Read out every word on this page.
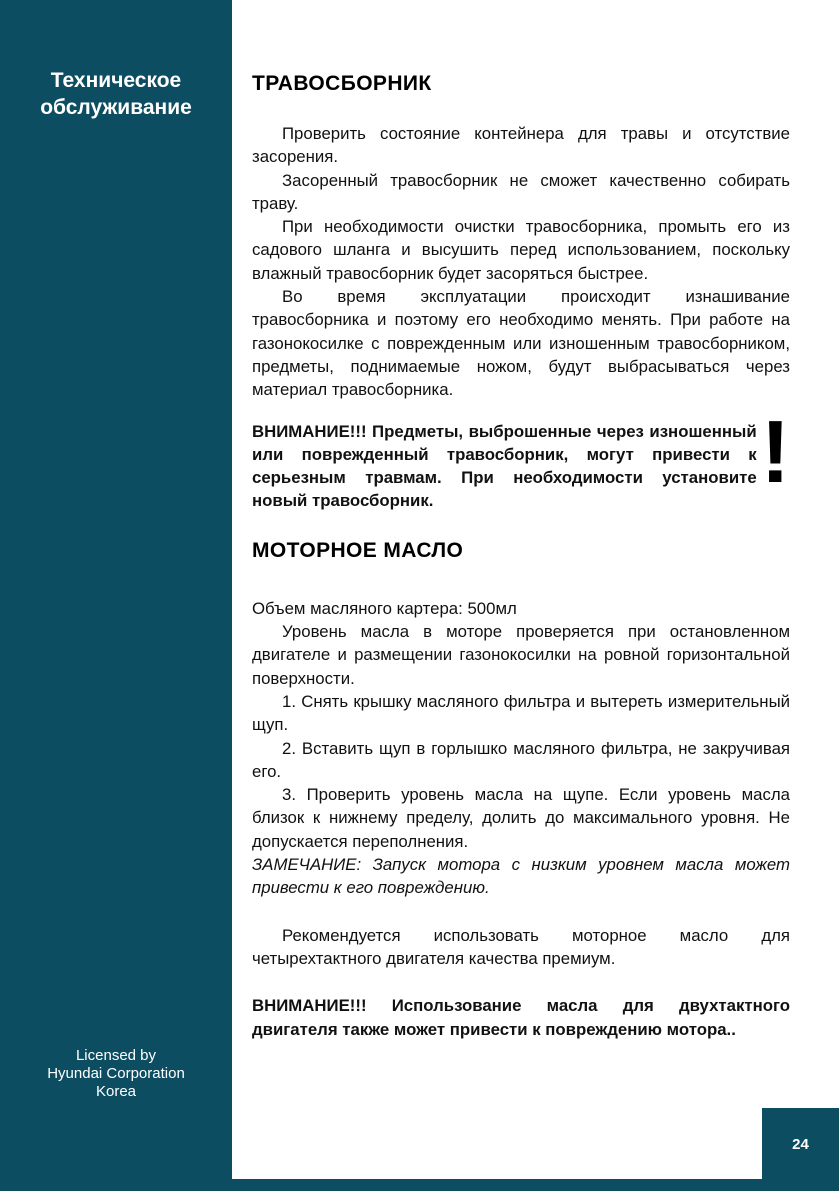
Техническое обслуживание
Licensed by
Hyundai Corporation
Korea
ТРАВОСБОРНИК

Проверить состояние контейнера для травы и отсутствие засорения.

Засоренный травосборник не сможет качественно собирать траву.

При необходимости очистки травосборника, промыть его из садового шланга и высушить перед использованием, поскольку влажный травосборник будет засоряться быстрее.

Во время эксплуатации происходит изнашивание травосборника и поэтому его необходимо менять. При работе на газонокосилке с поврежденным или изношенным травосборником, предметы, поднимаемые ножом, будут выбрасываться через материал травосборника.

ВНИМАНИЕ!!! Предметы, выброшенные через изношенный или поврежденный травосборник, могут привести к серьезным травмам. При необходимости установите новый травосборник.

!
МОТОРНОЕ МАСЛО

Объем масляного картера: 500мл

Уровень масла в моторе проверяется при остановленном двигателе и размещении газонокосилки на ровной горизонтальной поверхности.

1. Снять крышку масляного фильтра и вытереть измерительный щуп.

2. Вставить щуп в горлышко масляного фильтра, не закручивая его.

3. Проверить уровень масла на щупе. Если уровень масла близок к нижнему пределу, долить до максимального уровня. Не допускается переполнения.

ЗАМЕЧАНИЕ: Запуск мотора с низким уровнем масла может привести к его повреждению.

Рекомендуется использовать моторное масло для четырехтактного двигателя качества премиум.

ВНИМАНИЕ!!! Использование масла для двухтактного двигателя также может привести к повреждению мотора..

24
